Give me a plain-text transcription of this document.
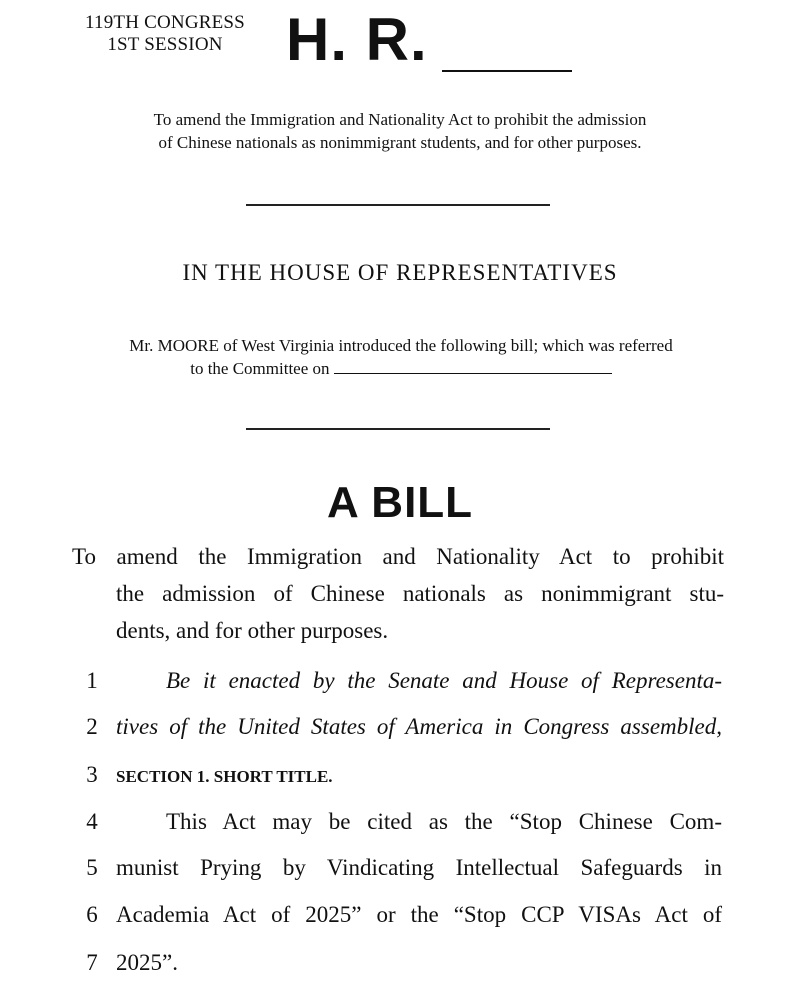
119TH CONGRESS
1ST SESSION	H. R.
To amend the Immigration and Nationality Act to prohibit the admission
of Chinese nationals as nonimmigrant students, and for other purposes.
IN THE HOUSE OF REPRESENTATIVES
Mr. MOORE of West Virginia introduced the following bill; which was referred
to the Committee on
A BILL
To amend the Immigration and Nationality Act to prohibit
the admission of Chinese nationals as nonimmigrant stu-
dents, and for other purposes.
1	Be it enacted by the Senate and House of Representa-
2 tives of the United States of America in Congress assembled,
3 SECTION 1. SHORT TITLE.
4	This Act may be cited as the “Stop Chinese Com-
5 munist Prying by Vindicating Intellectual Safeguards in
6 Academia Act of 2025” or the “Stop CCP VISAs Act of
7 2025”.
